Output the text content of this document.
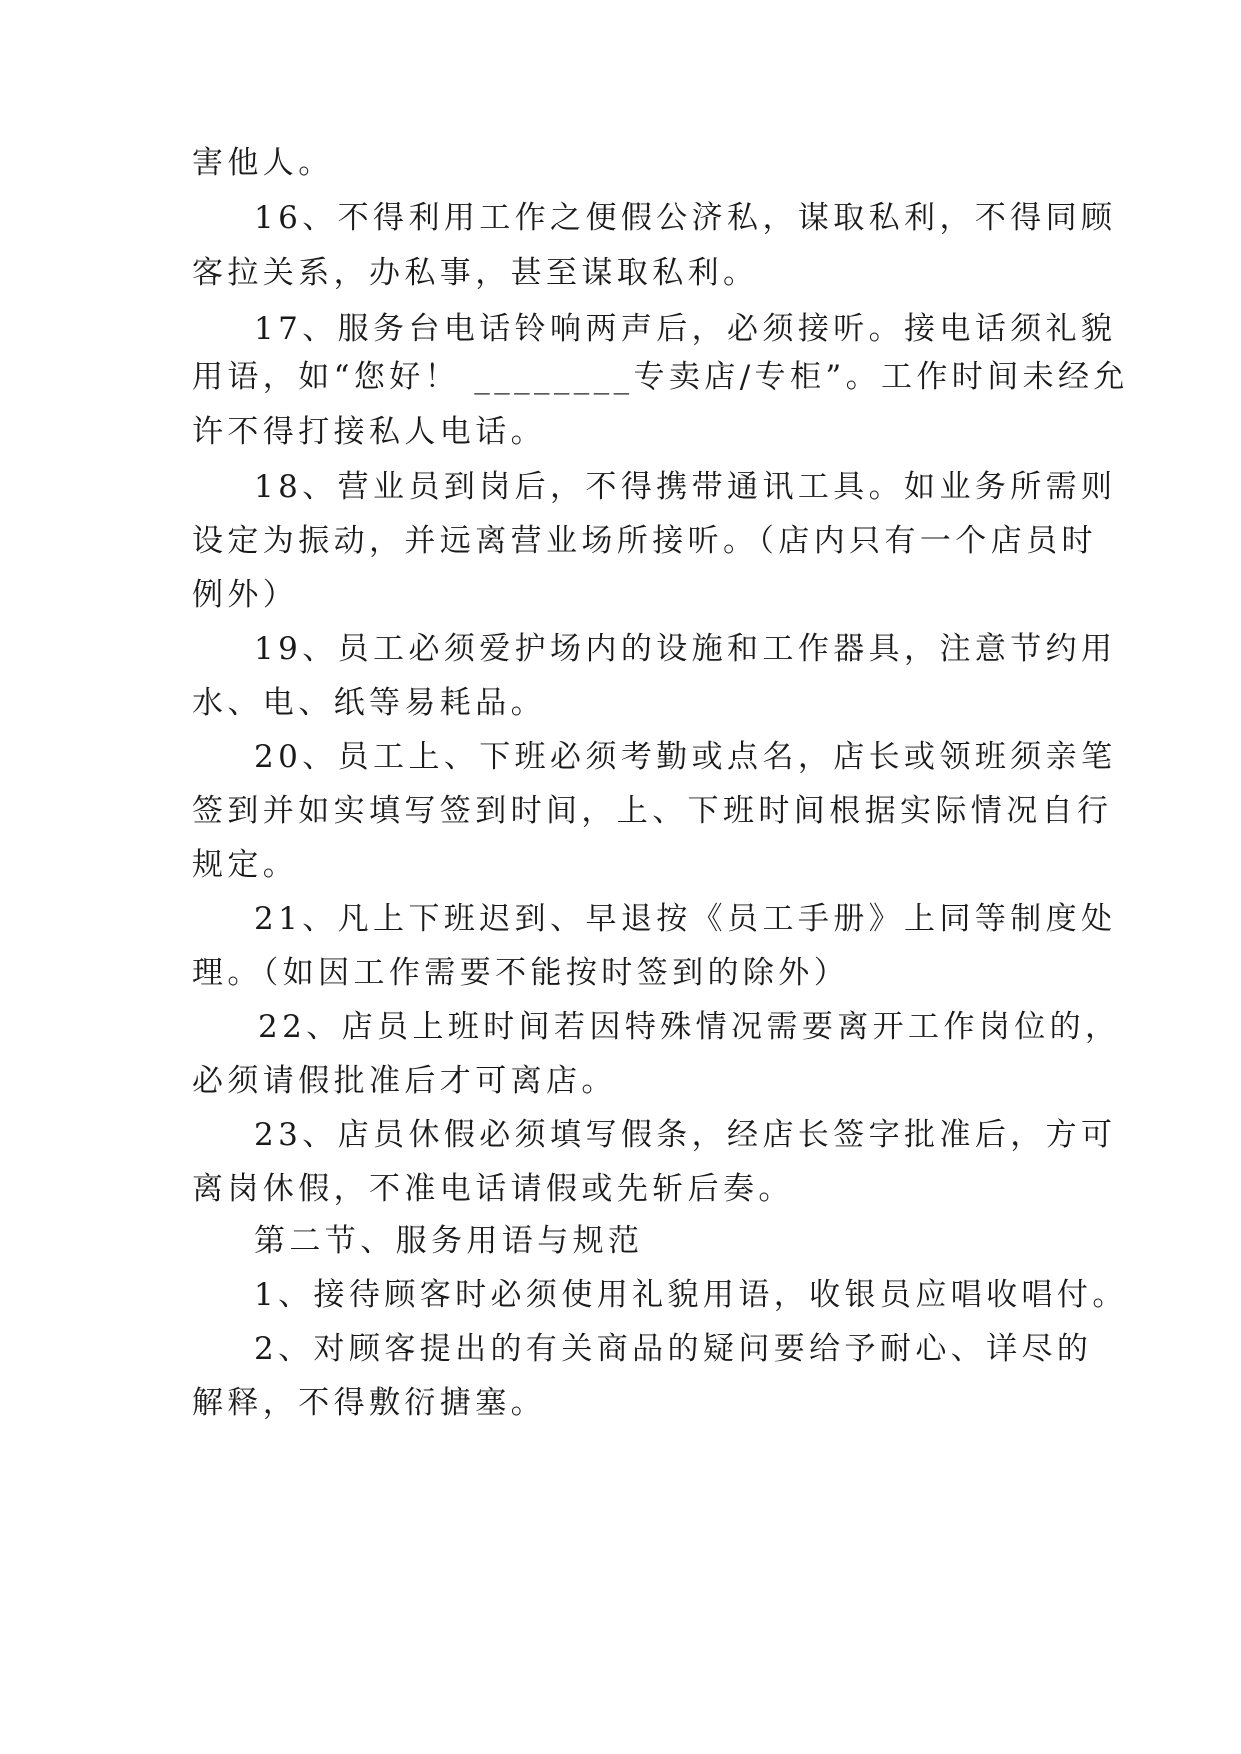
害他人。
16、不得利用工作之便假公济私，谋取私利，不得同顾
客拉关系，办私事，甚至谋取私利。
17、服务台电话铃响两声后，必须接听。接电话须礼貌
用语，如“您好！ ________专卖店/专柜”。工作时间未经允
许不得打接私人电话。
18、营业员到岗后，不得携带通讯工具。如业务所需则
设定为振动，并远离营业场所接听。（店内只有一个店员时
例外）
19、员工必须爱护场内的设施和工作器具，注意节约用
水、电、纸等易耗品。
20、员工上、下班必须考勤或点名，店长或领班须亲笔
签到并如实填写签到时间，上、下班时间根据实际情况自行
规定。
21、凡上下班迟到、早退按《员工手册》上同等制度处
理。（如因工作需要不能按时签到的除外）
22、店员上班时间若因特殊情况需要离开工作岗位的，
必须请假批准后才可离店。
23、店员休假必须填写假条，经店长签字批准后，方可
离岗休假，不准电话请假或先斩后奏。
第二节、服务用语与规范
1、接待顾客时必须使用礼貌用语，收银员应唱收唱付。
2、对顾客提出的有关商品的疑问要给予耐心、详尽的
解释，不得敷衍搪塞。
